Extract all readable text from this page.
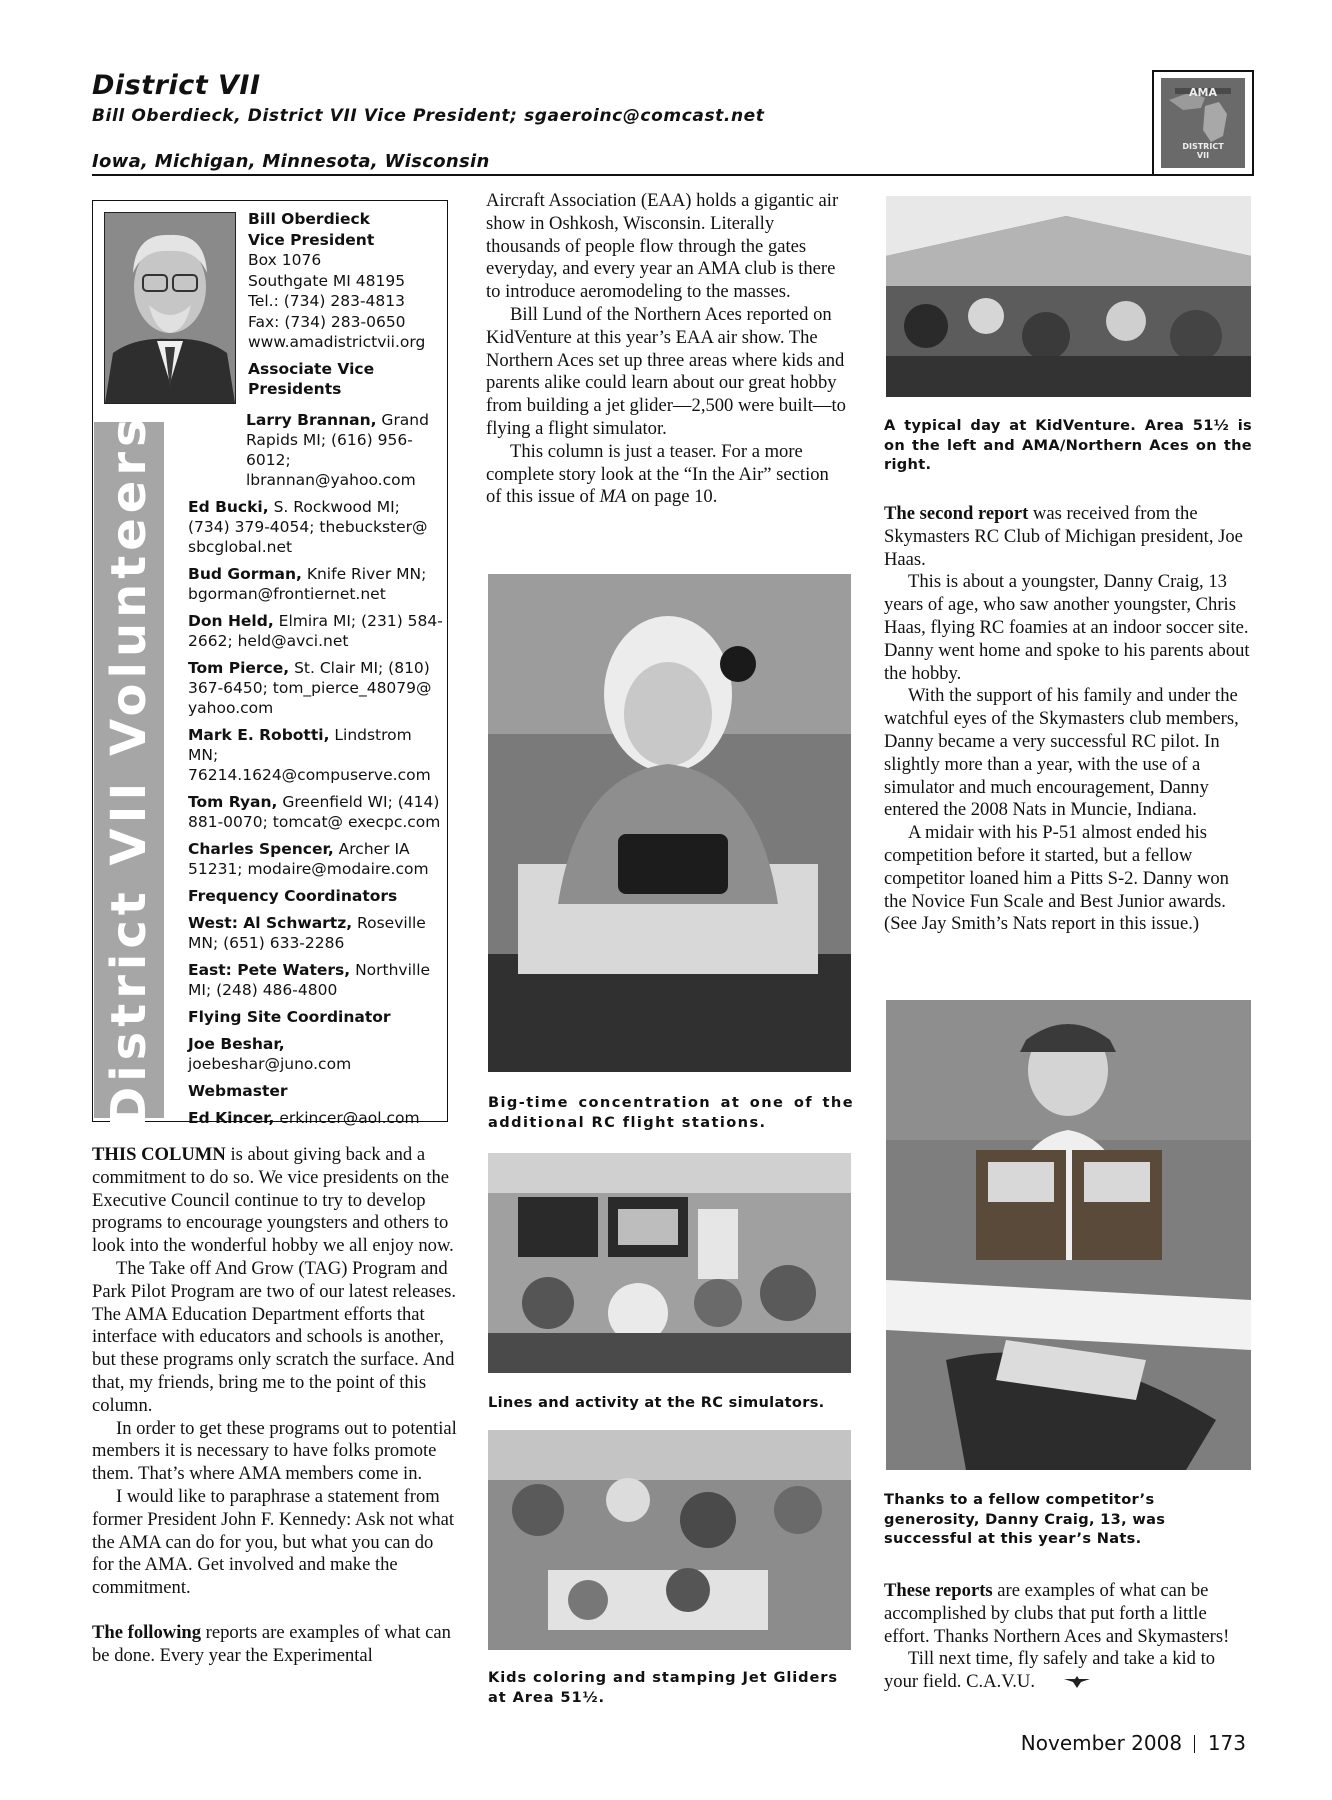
District VII
Bill Oberdieck, District VII Vice President; sgaeroinc@comcast.net
Iowa, Michigan, Minnesota, Wisconsin
AMA
DISTRICT
VII
District VII Volunteers
Bill Oberdieck
Vice President
Box 1076
Southgate MI 48195
Tel.: (734) 283-4813
Fax: (734) 283-0650
www.amadistrictvii.org
Associate Vice Presidents
Larry Brannan, Grand Rapids MI; (616) 956-6012; lbrannan@yahoo.com
Ed Bucki, S. Rockwood MI; (734) 379-4054; thebuckster@ sbcglobal.net
Bud Gorman, Knife River MN; bgorman@frontiernet.net
Don Held, Elmira MI; (231) 584-2662; held@avci.net
Tom Pierce, St. Clair MI; (810) 367-6450; tom_pierce_48079@ yahoo.com
Mark E. Robotti, Lindstrom MN; 76214.1624@compuserve.com
Tom Ryan, Greenfield WI; (414) 881-0070; tomcat@ execpc.com
Charles Spencer, Archer IA 51231; modaire@modaire.com
Frequency Coordinators
West: Al Schwartz, Roseville MN; (651) 633-2286
East: Pete Waters, Northville MI; (248) 486-4800
Flying Site Coordinator
Joe Beshar, joebeshar@juno.com
Webmaster
Ed Kincer, erkincer@aol.com

THIS COLUMN is about giving back and a commitment to do so. We vice presidents on the Executive Council continue to try to develop programs to encourage youngsters and others to look into the wonderful hobby we all enjoy now.

The Take off And Grow (TAG) Program and Park Pilot Program are two of our latest releases. The AMA Education Department efforts that interface with educators and schools is another, but these programs only scratch the surface. And that, my friends, bring me to the point of this column.

In order to get these programs out to potential members it is necessary to have folks promote them. That’s where AMA members come in.

I would like to paraphrase a statement from former President John F. Kennedy: Ask not what the AMA can do for you, but what you can do for the AMA. Get involved and make the commitment.

The following reports are examples of what can be done. Every year the Experimental

Aircraft Association (EAA) holds a gigantic air show in Oshkosh, Wisconsin. Literally thousands of people flow through the gates everyday, and every year an AMA club is there to introduce aeromodeling to the masses.

Bill Lund of the Northern Aces reported on KidVenture at this year’s EAA air show. The Northern Aces set up three areas where kids and parents alike could learn about our great hobby from building a jet glider—2,500 were built—to flying a flight simulator.

This column is just a teaser. For a more complete story look at the “In the Air” section of this issue of MA on page 10.

Big-time concentration at one of the additional RC flight stations.
Lines and activity at the RC simulators.
Kids coloring and stamping Jet Gliders at Area 51½.
A typical day at KidVenture. Area 51½ is on the left and AMA/Northern Aces on the right.

The second report was received from the Skymasters RC Club of Michigan president, Joe Haas.

This is about a youngster, Danny Craig, 13 years of age, who saw another youngster, Chris Haas, flying RC foamies at an indoor soccer site. Danny went home and spoke to his parents about the hobby.

With the support of his family and under the watchful eyes of the Skymasters club members, Danny became a very successful RC pilot. In slightly more than a year, with the use of a simulator and much encouragement, Danny entered the 2008 Nats in Muncie, Indiana.

A midair with his P-51 almost ended his competition before it started, but a fellow competitor loaned him a Pitts S-2. Danny won the Novice Fun Scale and Best Junior awards. (See Jay Smith’s Nats report in this issue.)

Thanks to a fellow competitor’s generosity, Danny Craig, 13, was successful at this year’s Nats.

These reports are examples of what can be accomplished by clubs that put forth a little effort. Thanks Northern Aces and Skymasters!

Till next time, fly safely and take a kid to your field. C.A.V.U.

November 2008 173
